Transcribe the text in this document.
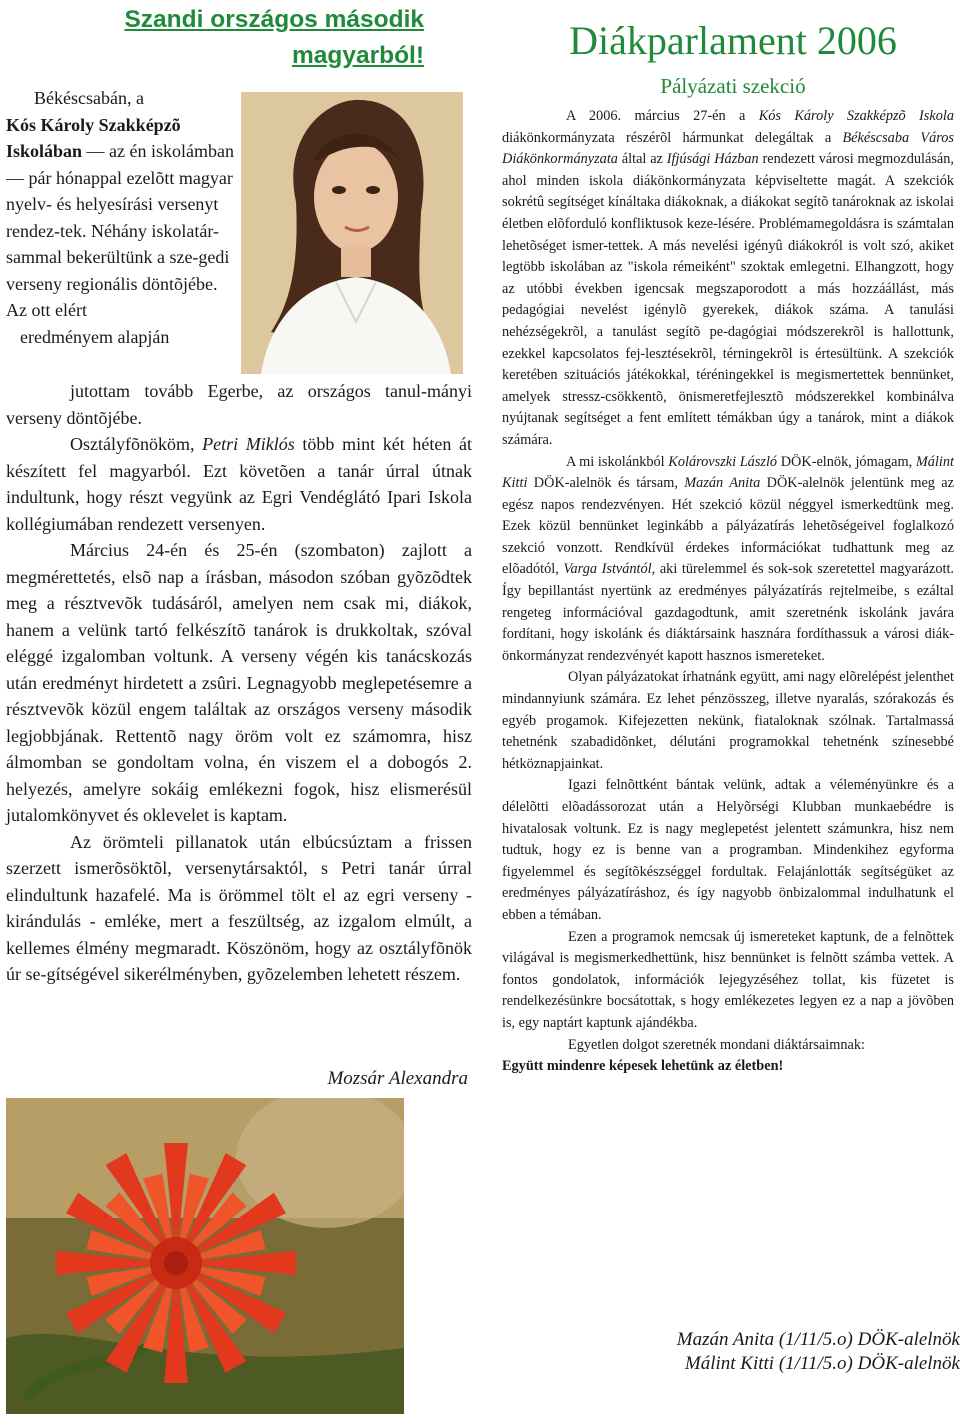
Szandi országos második magyarból!
Békéscsabán, a
Kós Károly Szakképzõ Iskolában — az én iskolámban — pár hónappal ezelõtt magyar nyelv- és helyesírási versenyt rendez-tek. Néhány iskolatár-sammal bekerültünk a sze-gedi verseny regionális döntõjébe. Az ott elért
eredményem alapján

jutottam tovább Egerbe, az országos tanul-mányi verseny döntõjébe.

Osztályfõnököm, Petri Miklós több mint két héten át készített fel magyarból. Ezt követõen a tanár úrral útnak indultunk, hogy részt vegyünk az Egri Vendéglátó Ipari Iskola kollégiumában rendezett versenyen.

Március 24-én és 25-én (szombaton) zajlott a megmérettetés, elsõ nap a írásban, másodon szóban gyõzõdtek meg a résztvevõk tudásáról, amelyen nem csak mi, diákok, hanem a velünk tartó felkészítõ tanárok is drukkoltak, szóval eléggé izgalomban voltunk. A verseny végén kis tanácskozás után eredményt hirdetett a zsûri. Legnagyobb meglepetésemre a résztvevõk közül engem találtak az országos verseny második legjobbjának. Rettentõ nagy öröm volt ez számomra, hisz álmomban se gondoltam volna, én viszem el a dobogós 2. helyezés, amelyre sokáig emlékezni fogok, hisz elismerésül jutalomkönyvet és oklevelet is kaptam.

Az örömteli pillanatok után elbúcsúztam a frissen szerzett ismerõsöktõl, versenytársaktól, s Petri tanár úrral elindultunk hazafelé. Ma is örömmel tölt el az egri verseny - kirándulás - emléke, mert a feszültség, az izgalom elmúlt, a kellemes élmény megmaradt. Köszönöm, hogy az osztályfõnök úr se-gítségével sikerélményben, gyõzelemben lehetett részem.

Mozsár Alexandra
Diákparlament 2006
Pályázati szekció

A 2006. március 27-én a Kós Károly Szakképzõ Iskola diákönkormányzata részérõl hármunkat delegáltak a Békéscsaba Város Diákönkormányzata által az Ifjúsági Házban rendezett városi megmozdulásán, ahol minden iskola diákönkormányzata képviseltette magát. A szekciók sokrétû segítséget kínáltaka diákoknak, a diákokat segítõ tanároknak az iskolai életben elõforduló konfliktusok keze-lésére. Problémamegoldásra is számtalan lehetõséget ismer-tettek. A más nevelési igényû diákokról is volt szó, akiket legtöbb iskolában az "iskola rémeiként" szoktak emlegetni. Elhangzott, hogy az utóbbi években igencsak megszaporodott a más hozzáállást, más pedagógiai nevelést igénylõ gyerekek, diákok száma. A tanulási nehézségekrõl, a tanulást segítõ pe-dagógiai módszerekrõl is hallottunk, ezekkel kapcsolatos fej-lesztésekrõl, térningekrõl is értesültünk. A szekciók keretében szituációs játékokkal, téréningekkel is megismertettek bennünket, amelyek stressz-csökkentõ, önismeretfejlesztõ módszerekkel kombinálva nyújtanak segítséget a fent említett témákban úgy a tanárok, mint a diákok számára.

A mi iskolánkból Kolárovszki László DÖK-elnök, jómagam, Málint Kitti DÖK-alelnök és társam, Mazán Anita DÖK-alelnök jelentünk meg az egész napos rendezvényen. Hét szekció közül néggyel ismerkedtünk meg. Ezek közül bennünket leginkább a pályázatírás lehetõségeivel foglalkozó szekció vonzott. Rendkívül érdekes információkat tudhattunk meg az elõadótól, Varga Istvántól, aki türelemmel és sok-sok szeretettel magyarázott. Így bepillantást nyertünk az eredményes pályázatírás rejtelmeibe, s ezáltal rengeteg információval gazdagodtunk, amit szeretnénk iskolánk javára fordítani, hogy iskolánk és diáktársaink hasznára fordíthassuk a városi diák-önkormányzat rendezvényét kapott hasznos ismereteket.

Olyan pályázatokat írhatnánk együtt, ami nagy elõrelépést jelenthet mindannyiunk számára. Ez lehet pénzösszeg, illetve nyaralás, szórakozás és egyéb progamok. Kifejezetten nekünk, fiataloknak szólnak. Tartalmassá tehetnénk szabadidõnket, délutáni programokkal tehetnénk színesebbé hétköznapjainkat.

Igazi felnõttként bántak velünk, adtak a véleményünkre és a délelõtti elõadássorozat után a Helyõrségi Klubban munkaebédre is hivatalosak voltunk. Ez is nagy meglepetést jelentett számunkra, hisz nem tudtuk, hogy ez is benne van a programban. Mindenkihez egyforma figyelemmel és segítõkészséggel fordultak. Felajánlották segítségüket az eredményes pályázatíráshoz, és így nagyobb önbizalommal indulhatunk el ebben a témában.

Ezen a programok nemcsak új ismereteket kaptunk, de a felnõttek világával is megismerkedhettünk, hisz bennünket is felnõtt számba vettek. A fontos gondolatok, információk lejegyzéséhez tollat, kis füzetet is rendelkezésünkre bocsátottak, s hogy emlékezetes legyen ez a nap a jövõben is, egy naptárt kaptunk ajándékba.

Egyetlen dolgot szeretnék mondani diáktársaimnak:

Együtt mindenre képesek lehetünk az életben!

Mazán Anita (1/11/5.o) DÖK-alelnök
Málint Kitti (1/11/5.o) DÖK-alelnök
